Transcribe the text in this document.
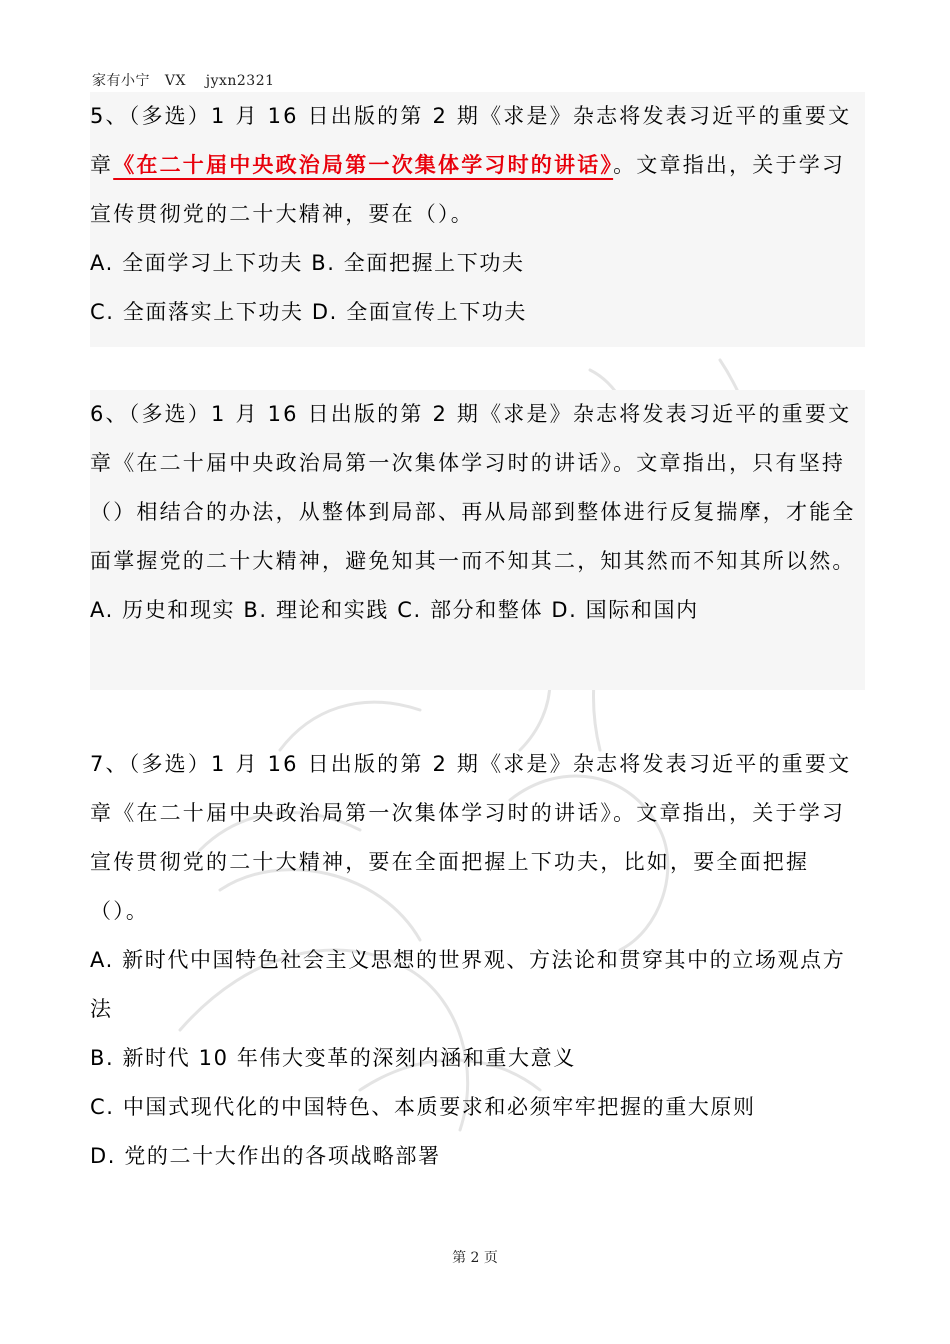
家有小宁   VX    jyxn2321

5、（多选）1 月 16 日出版的第 2 期《求是》杂志将发表习近平的重要文章《在二十届中央政治局第一次集体学习时的讲话》。文章指出，关于学习宣传贯彻党的二十大精神，要在（）。

A. 全面学习上下功夫 B. 全面把握上下功夫

C. 全面落实上下功夫 D. 全面宣传上下功夫

6、（多选）1 月 16 日出版的第 2 期《求是》杂志将发表习近平的重要文章《在二十届中央政治局第一次集体学习时的讲话》。文章指出，只有坚持（）相结合的办法，从整体到局部、再从局部到整体进行反复揣摩，才能全面掌握党的二十大精神，避免知其一而不知其二，知其然而不知其所以然。

A. 历史和现实 B. 理论和实践 C. 部分和整体 D. 国际和国内

7、（多选）1 月 16 日出版的第 2 期《求是》杂志将发表习近平的重要文章《在二十届中央政治局第一次集体学习时的讲话》。文章指出，关于学习宣传贯彻党的二十大精神，要在全面把握上下功夫，比如，要全面把握（）。

A. 新时代中国特色社会主义思想的世界观、方法论和贯穿其中的立场观点方法

B. 新时代 10 年伟大变革的深刻内涵和重大意义

C. 中国式现代化的中国特色、本质要求和必须牢牢把握的重大原则

D. 党的二十大作出的各项战略部署

第 2 页
